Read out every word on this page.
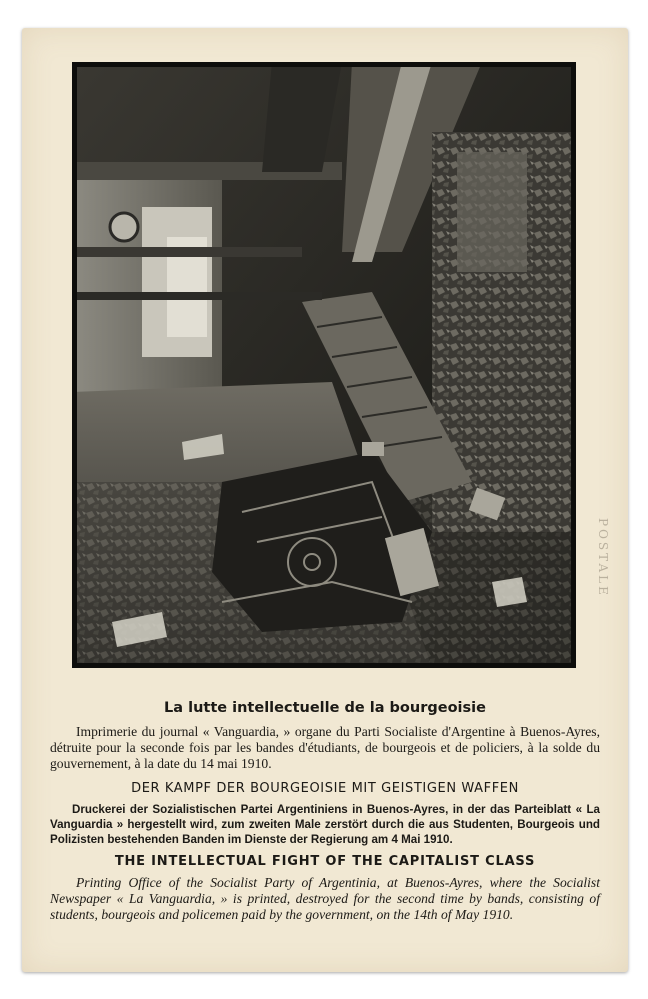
POSTALE
La lutte intellectuelle de la bourgeoisie
Imprimerie du journal « Vanguardia, » organe du Parti Socialiste d'Argentine à Buenos-Ayres, détruite pour la seconde fois par les bandes d'étudiants, de bourgeois et de policiers, à la solde du gouvernement, à la date du 14 mai 1910.
DER KAMPF DER BOURGEOISIE MIT GEISTIGEN WAFFEN
Druckerei der Sozialistischen Partei Argentiniens in Buenos-Ayres, in der das Parteiblatt « La Vanguardia » hergestellt wird, zum zweiten Male zerstört durch die aus Studenten, Bourgeois und Polizisten bestehenden Banden im Dienste der Regierung am 4 Mai 1910.
THE INTELLECTUAL FIGHT OF THE CAPITALIST CLASS
Printing Office of the Socialist Party of Argentinia, at Buenos-Ayres, where the Socialist Newspaper « La Vanguardia, » is printed, destroyed for the second time by bands, consisting of students, bourgeois and policemen paid by the government, on the 14th of May 1910.
